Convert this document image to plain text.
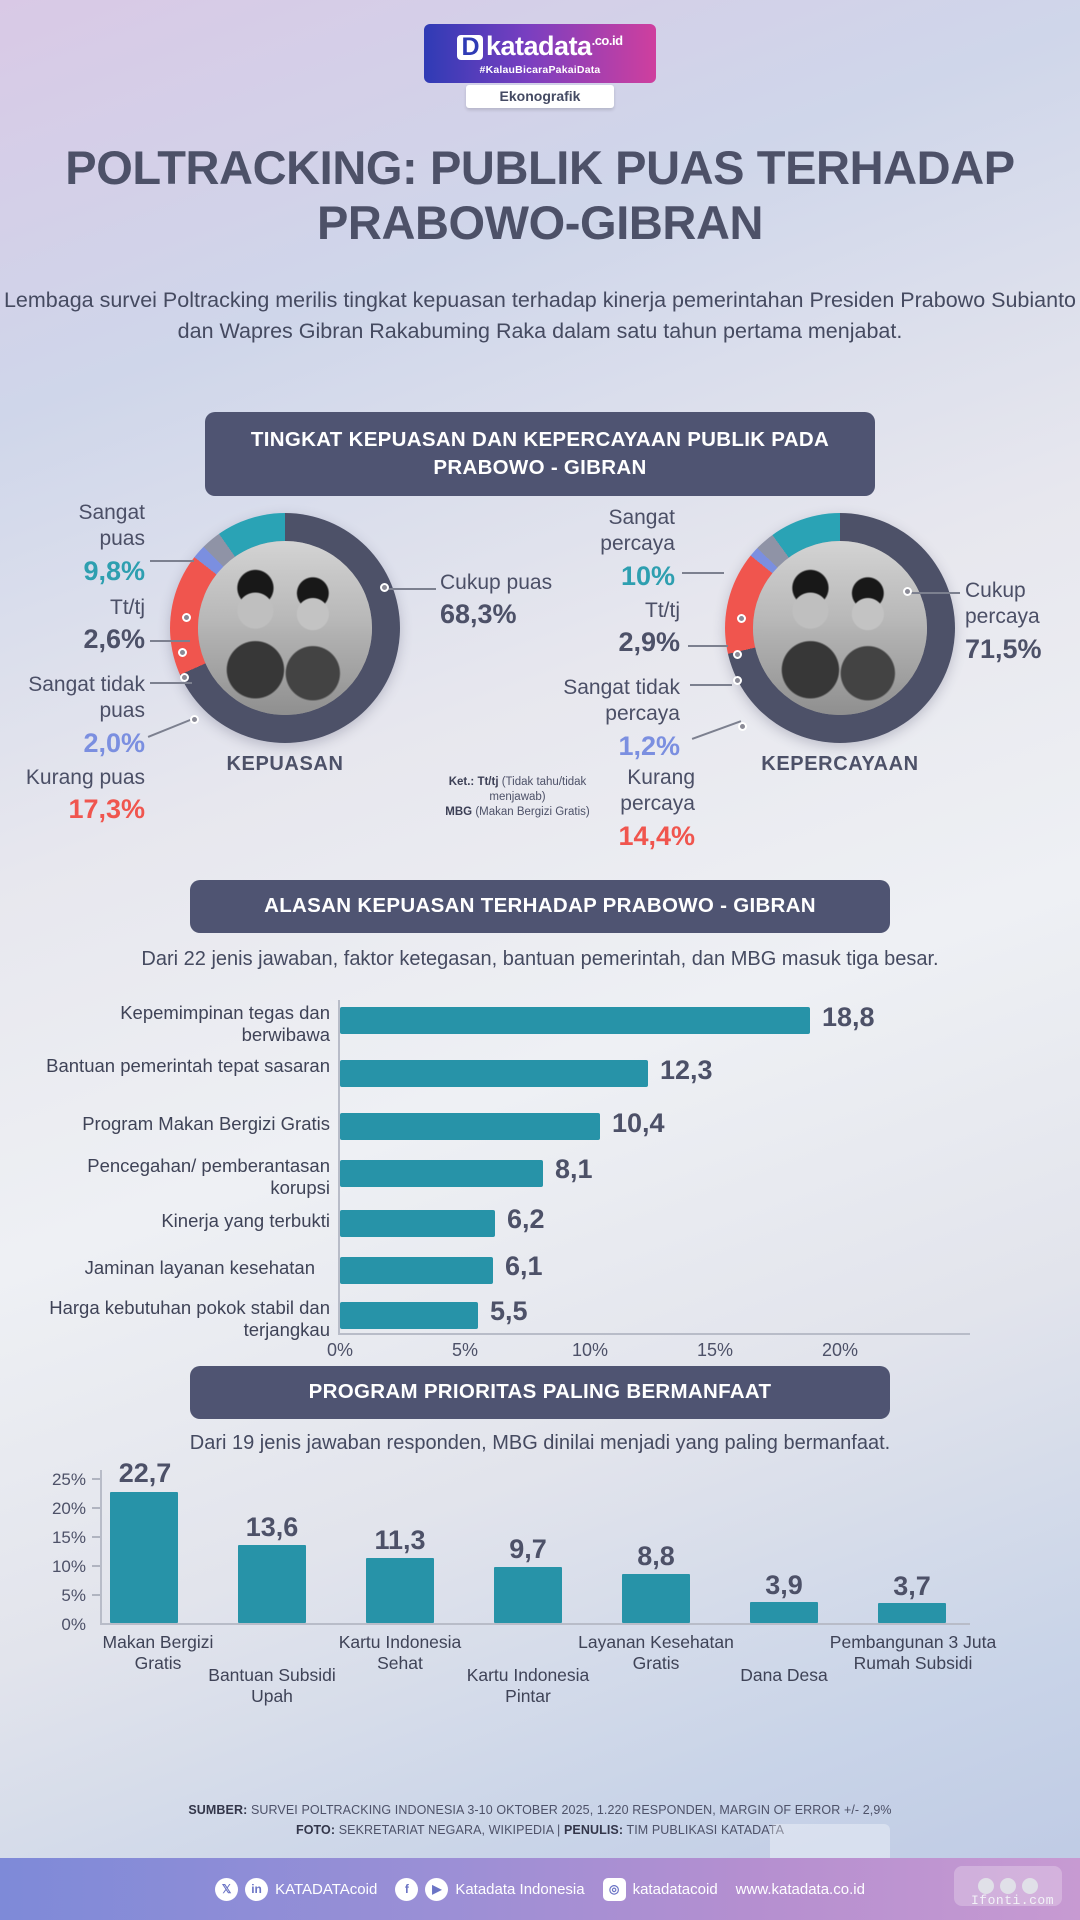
D katadata$^{.co.id}$
#KalauBicaraPakaiData
Ekonografik
POLTRACKING: PUBLIK PUAS TERHADAP PRABOWO-GIBRAN
Lembaga survei Poltracking merilis tingkat kepuasan terhadap kinerja pemerintahan Presiden Prabowo Subianto dan Wapres Gibran Rakabuming Raka dalam satu tahun pertama menjabat.
TINGKAT KEPUASAN DAN KEPERCAYAAN PUBLIK PADA PRABOWO - GIBRAN
KEPUASAN
Sangat puas
9,8%
Tt/tj
2,6%
Sangat tidak puas
2,0%
Kurang puas
17,3%
Cukup puas
68,3%
KEPERCAYAAN
Sangat percaya
10%
Tt/tj
2,9%
Sangat tidak percaya
1,2%
Kurang percaya
14,4%
Cukup percaya
71,5%
Ket.: Tt/tj (Tidak tahu/tidak menjawab)
MBG (Makan Bergizi Gratis)
ALASAN KEPUASAN TERHADAP PRABOWO - GIBRAN
Dari 22 jenis jawaban, faktor ketegasan, bantuan pemerintah, dan MBG masuk tiga besar.
Kepemimpinan tegas dan berwibawa
18,8
Bantuan pemerintah tepat sasaran	12,3
Program Makan Bergizi Gratis	10,4
Pencegahan/ pemberantasan korupsi
8,1
Kinerja yang terbukti	6,2
Jaminan layanan kesehatan	6,1
Harga kebutuhan pokok stabil dan terjangkau
5,5
0%	5%	10%	15%	20%
PROGRAM PRIORITAS PALING BERMANFAAT
Dari 19 jenis jawaban responden, MBG dinilai menjadi yang paling bermanfaat.
25%
20%
15%
10%
5%
0%
22,7
Makan Bergizi Gratis
13,6
Bantuan Subsidi Upah
11,3
Kartu Indonesia Sehat
9,7
Kartu Indonesia Pintar
8,8
Layanan Kesehatan Gratis
3,9
Dana Desa
3,7
Pembangunan 3 Juta Rumah Subsidi
SUMBER: SURVEI POLTRACKING INDONESIA 3-10 OKTOBER 2025, 1.220 RESPONDEN, MARGIN OF ERROR +/- 2,9%
FOTO: SEKRETARIAT NEGARA, WIKIPEDIA | PENULIS: TIM PUBLIKASI KATADATA
𝕏	in KATADATAcoid	f	▶ Katadata Indonesia	◎ katadatacoid www.katadata.co.id
Ifonti.com
